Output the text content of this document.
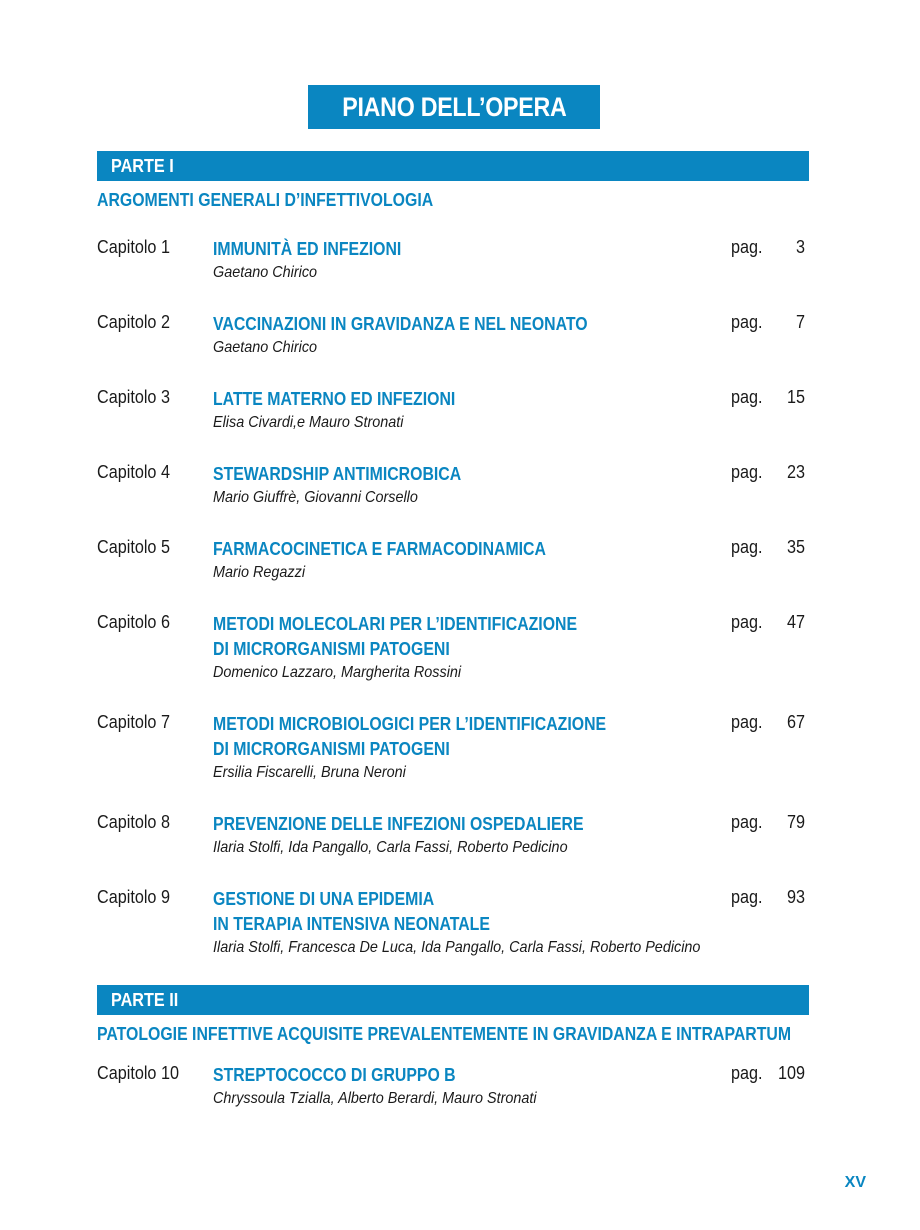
PIANO DELL’OPERA
PARTE I
ARGOMENTI GENERALI D’INFETTIVOLOGIA
Capitolo 1 IMMUNITÀ ED INFEZIONI
Gaetano Chirico
pag. 3
Capitolo 2 VACCINAZIONI IN GRAVIDANZA E NEL NEONATO
Gaetano Chirico
pag. 7
Capitolo 3 LATTE MATERNO ED INFEZIONI
Elisa Civardi,e Mauro Stronati
pag. 15
Capitolo 4 STEWARDSHIP ANTIMICROBICA
Mario Giuffrè, Giovanni Corsello
pag. 23
Capitolo 5 FARMACOCINETICA E FARMACODINAMICA
Mario Regazzi
pag. 35
Capitolo 6 METODI MOLECOLARI PER L’IDENTIFICAZIONE
DI MICRORGANISMI PATOGENI
Domenico Lazzaro, Margherita Rossini
pag. 47
Capitolo 7 METODI MICROBIOLOGICI PER L’IDENTIFICAZIONE
DI MICRORGANISMI PATOGENI
Ersilia Fiscarelli, Bruna Neroni
pag. 67
Capitolo 8 PREVENZIONE DELLE INFEZIONI OSPEDALIERE
Ilaria Stolfi, Ida Pangallo, Carla Fassi, Roberto Pedicino
pag. 79
Capitolo 9 GESTIONE DI UNA EPIDEMIA
IN TERAPIA INTENSIVA NEONATALE
Ilaria Stolfi, Francesca De Luca, Ida Pangallo, Carla Fassi, Roberto Pedicino
pag. 93
PARTE II
PATOLOGIE INFETTIVE ACQUISITE PREVALENTEMENTE IN GRAVIDANZA E INTRAPARTUM
Capitolo 10 STREPTOCOCCO DI GRUPPO B
Chryssoula Tzialla, Alberto Berardi, Mauro Stronati
pag. 109
XV
